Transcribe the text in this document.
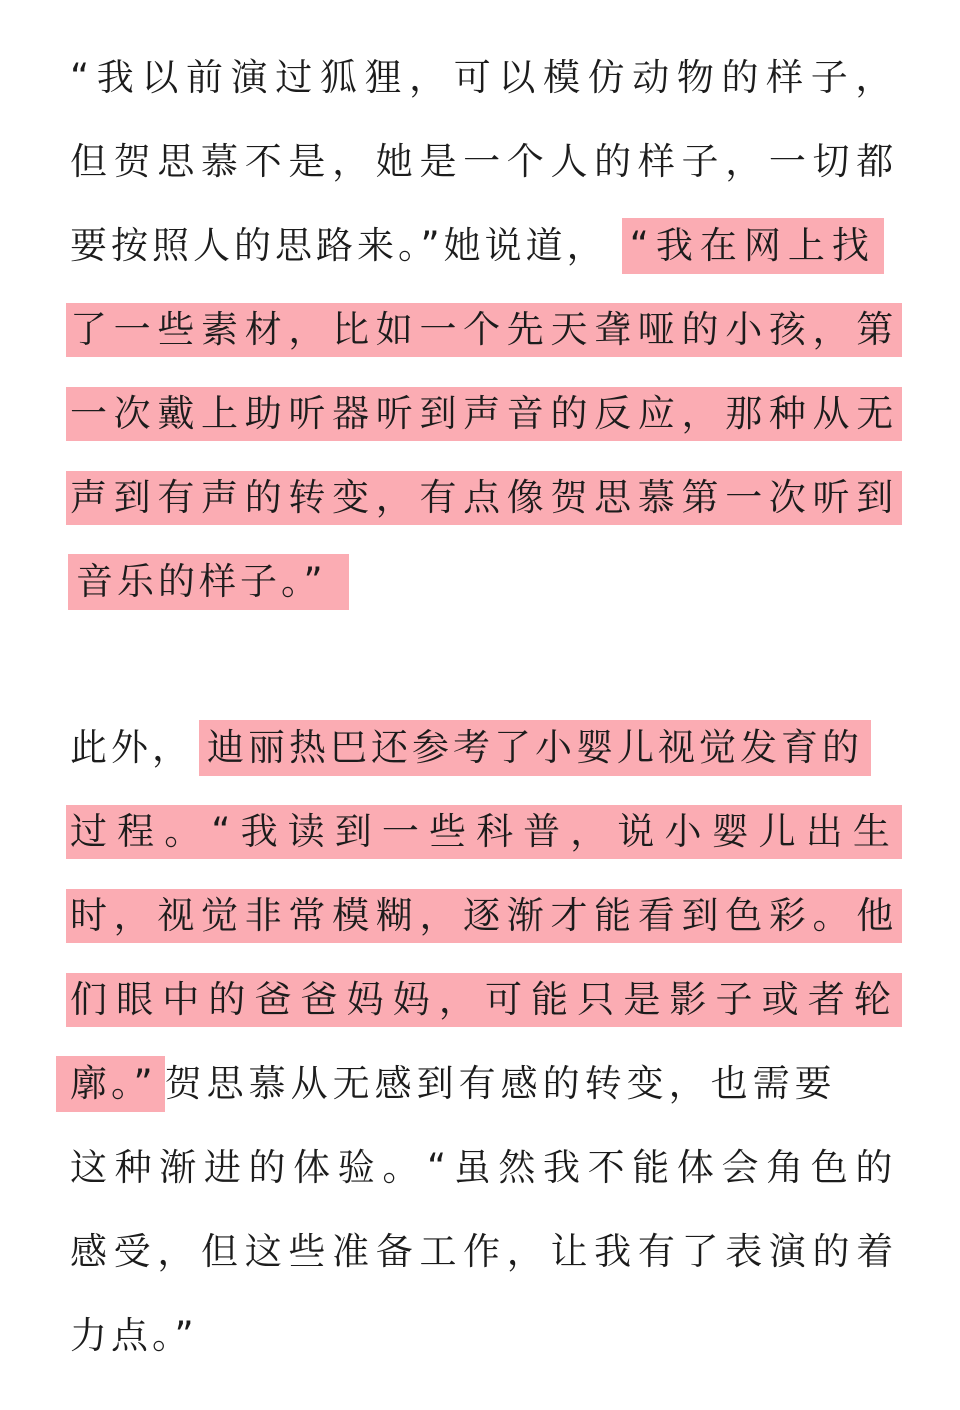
“我以前演过狐狸，可以模仿动物的样子，
但贺思慕不是，她是一个人的样子，一切都
要按照人的思路来。”她说道， “我在网上找
了一些素材，比如一个先天聋哑的小孩，第
一次戴上助听器听到声音的反应，那种从无
声到有声的转变，有点像贺思慕第一次听到
音乐的样子。”
此外， 迪丽热巴还参考了小婴儿视觉发育的
过程。“我读到一些科普，说小婴儿出生
时，视觉非常模糊，逐渐才能看到色彩。他
们眼中的爸爸妈妈，可能只是影子或者轮
廓。” 贺思慕从无感到有感的转变，也需要
这种渐进的体验。“虽然我不能体会角色的
感受，但这些准备工作，让我有了表演的着
力点。”
